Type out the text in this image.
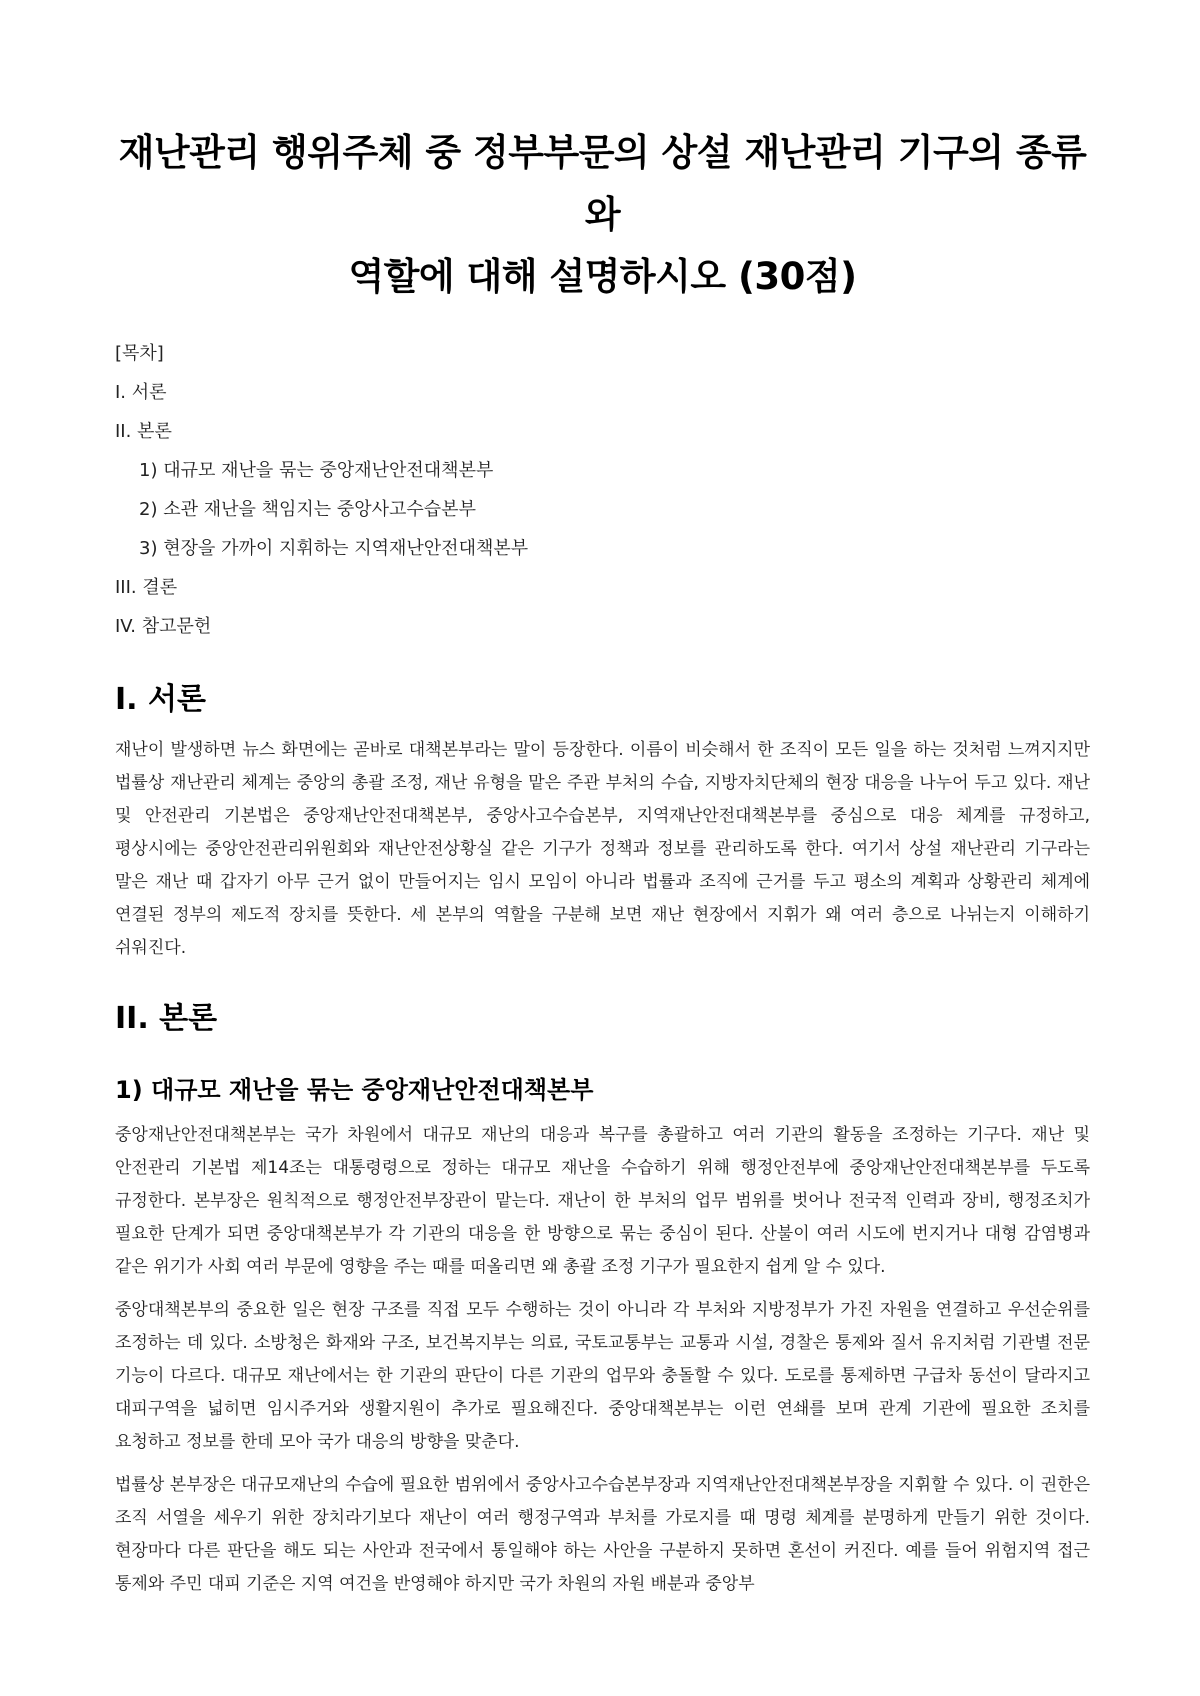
재난관리 행위주체 중 정부부문의 상설 재난관리 기구의 종류와
역할에 대해 설명하시오 (30점)
[목차]
I. 서론
II. 본론
1) 대규모 재난을 묶는 중앙재난안전대책본부
2) 소관 재난을 책임지는 중앙사고수습본부
3) 현장을 가까이 지휘하는 지역재난안전대책본부
III. 결론
IV. 참고문헌
I. 서론

재난이 발생하면 뉴스 화면에는 곧바로 대책본부라는 말이 등장한다. 이름이 비슷해서 한 조직이 모든 일을 하는 것처럼 느껴지지만 법률상 재난관리 체계는 중앙의 총괄 조정, 재난 유형을 맡은 주관 부처의 수습, 지방자치단체의 현장 대응을 나누어 두고 있다. 재난 및 안전관리 기본법은 중앙재난안전대책본부, 중앙사고수습본부, 지역재난안전대책본부를 중심으로 대응 체계를 규정하고, 평상시에는 중앙안전관리위원회와 재난안전상황실 같은 기구가 정책과 정보를 관리하도록 한다. 여기서 상설 재난관리 기구라는 말은 재난 때 갑자기 아무 근거 없이 만들어지는 임시 모임이 아니라 법률과 조직에 근거를 두고 평소의 계획과 상황관리 체계에 연결된 정부의 제도적 장치를 뜻한다. 세 본부의 역할을 구분해 보면 재난 현장에서 지휘가 왜 여러 층으로 나뉘는지 이해하기 쉬워진다.

II. 본론
1) 대규모 재난을 묶는 중앙재난안전대책본부

중앙재난안전대책본부는 국가 차원에서 대규모 재난의 대응과 복구를 총괄하고 여러 기관의 활동을 조정하는 기구다. 재난 및 안전관리 기본법 제14조는 대통령령으로 정하는 대규모 재난을 수습하기 위해 행정안전부에 중앙재난안전대책본부를 두도록 규정한다. 본부장은 원칙적으로 행정안전부장관이 맡는다. 재난이 한 부처의 업무 범위를 벗어나 전국적 인력과 장비, 행정조치가 필요한 단계가 되면 중앙대책본부가 각 기관의 대응을 한 방향으로 묶는 중심이 된다. 산불이 여러 시도에 번지거나 대형 감염병과 같은 위기가 사회 여러 부문에 영향을 주는 때를 떠올리면 왜 총괄 조정 기구가 필요한지 쉽게 알 수 있다.

중앙대책본부의 중요한 일은 현장 구조를 직접 모두 수행하는 것이 아니라 각 부처와 지방정부가 가진 자원을 연결하고 우선순위를 조정하는 데 있다. 소방청은 화재와 구조, 보건복지부는 의료, 국토교통부는 교통과 시설, 경찰은 통제와 질서 유지처럼 기관별 전문 기능이 다르다. 대규모 재난에서는 한 기관의 판단이 다른 기관의 업무와 충돌할 수 있다. 도로를 통제하면 구급차 동선이 달라지고 대피구역을 넓히면 임시주거와 생활지원이 추가로 필요해진다. 중앙대책본부는 이런 연쇄를 보며 관계 기관에 필요한 조치를 요청하고 정보를 한데 모아 국가 대응의 방향을 맞춘다.

법률상 본부장은 대규모재난의 수습에 필요한 범위에서 중앙사고수습본부장과 지역재난안전대책본부장을 지휘할 수 있다. 이 권한은 조직 서열을 세우기 위한 장치라기보다 재난이 여러 행정구역과 부처를 가로지를 때 명령 체계를 분명하게 만들기 위한 것이다. 현장마다 다른 판단을 해도 되는 사안과 전국에서 통일해야 하는 사안을 구분하지 못하면 혼선이 커진다. 예를 들어 위험지역 접근 통제와 주민 대피 기준은 지역 여건을 반영해야 하지만 국가 차원의 자원 배분과 중앙부
